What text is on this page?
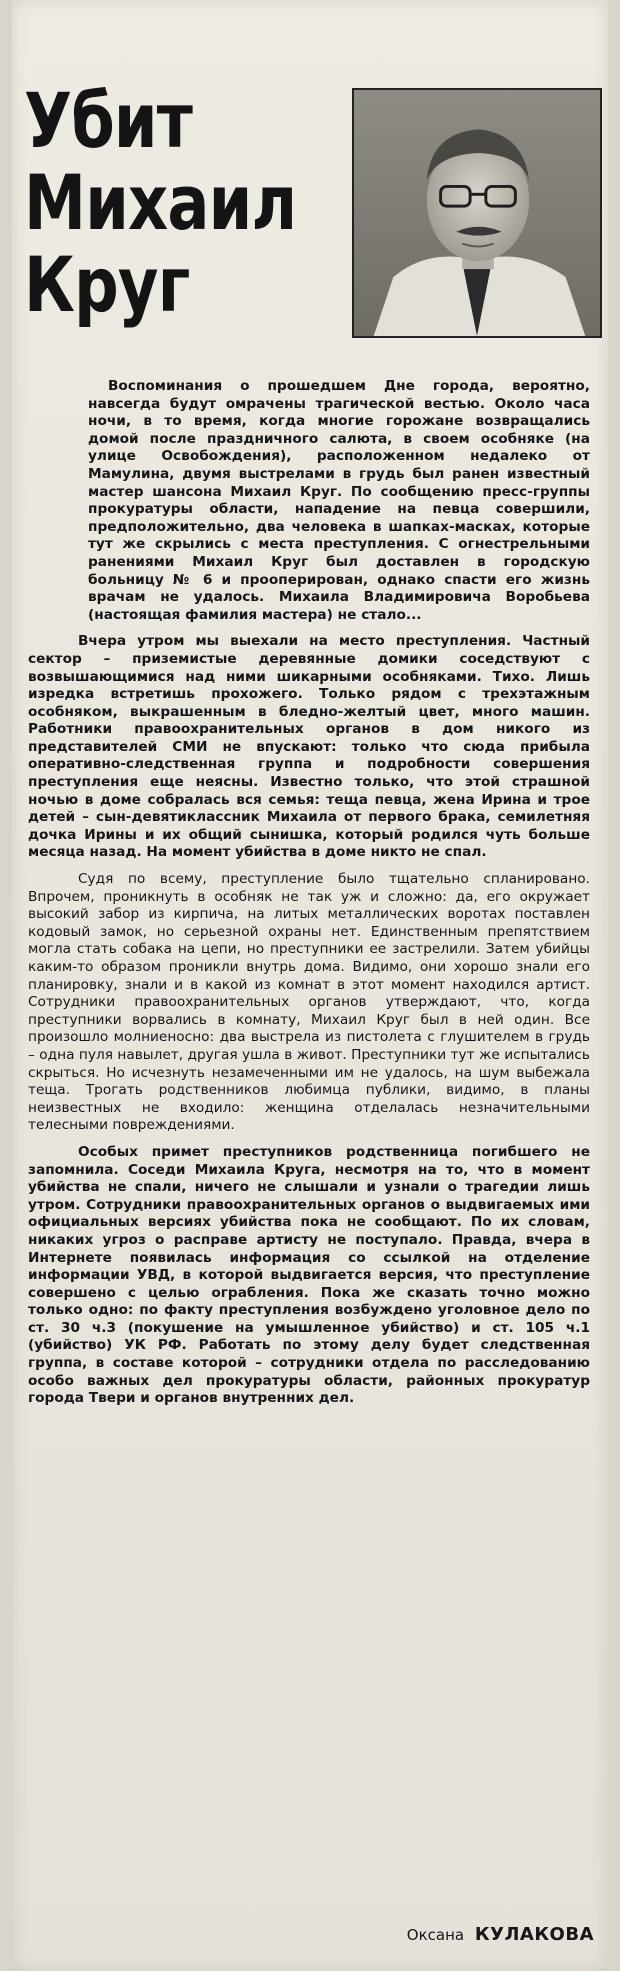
Убит
Михаил
Круг

Воспоминания о прошедшем Дне города, вероятно, навсегда будут омрачены трагической вестью. Около часа ночи, в то время, когда многие горожане возвращались домой после праздничного салюта, в своем особняке (на улице Освобождения), расположенном недалеко от Мамулина, двумя выстрелами в грудь был ранен известный мастер шансона Михаил Круг. По сообщению пресс-группы прокуратуры области, нападение на певца совершили, предположительно, два человека в шапках-масках, которые тут же скрылись с места преступления. С огнестрельными ранениями Михаил Круг был доставлен в городскую больницу № 6 и прооперирован, однако спасти его жизнь врачам не удалось. Михаила Владимировича Воробьева (настоящая фамилия мастера) не стало...

Вчера утром мы выехали на место преступления. Частный сектор – приземистые деревянные домики соседствуют с возвышающимися над ними шикарными особняками. Тихо. Лишь изредка встретишь прохожего. Только рядом с трехэтажным особняком, выкрашенным в бледно-желтый цвет, много машин. Работники правоохранительных органов в дом никого из представителей СМИ не впускают: только что сюда прибыла оперативно-следственная группа и подробности совершения преступления еще неясны. Известно только, что этой страшной ночью в доме собралась вся семья: теща певца, жена Ирина и трое детей – сын-девятиклассник Михаила от первого брака, семилетняя дочка Ирины и их общий сынишка, который родился чуть больше месяца назад. На момент убийства в доме никто не спал.

Судя по всему, преступление было тщательно спланировано. Впрочем, проникнуть в особняк не так уж и сложно: да, его окружает высокий забор из кирпича, на литых металлических воротах поставлен кодовый замок, но серьезной охраны нет. Единственным препятствием могла стать собака на цепи, но преступники ее застрелили. Затем убийцы каким-то образом проникли внутрь дома. Видимо, они хорошо знали его планировку, знали и в какой из комнат в этот момент находился артист. Сотрудники правоохранительных органов утверждают, что, когда преступники ворвались в комнату, Михаил Круг был в ней один. Все произошло молниеносно: два выстрела из пистолета с глушителем в грудь – одна пуля навылет, другая ушла в живот. Преступники тут же испытались скрыться. Но исчезнуть незамеченными им не удалось, на шум выбежала теща. Трогать родственников любимца публики, видимо, в планы неизвестных не входило: женщина отделалась незначительными телесными повреждениями.

Особых примет преступников родственница погибшего не запомнила. Соседи Михаила Круга, несмотря на то, что в момент убийства не спали, ничего не слышали и узнали о трагедии лишь утром. Сотрудники правоохранительных органов о выдвигаемых ими официальных версиях убийства пока не сообщают. По их словам, никаких угроз о расправе артисту не поступало. Правда, вчера в Интернете появилась информация со ссылкой на отделение информации УВД, в которой выдвигается версия, что преступление совершено с целью ограбления. Пока же сказать точно можно только одно: по факту преступления возбуждено уголовное дело по ст. 30 ч.3 (покушение на умышленное убийство) и ст. 105 ч.1 (убийство) УК РФ. Работать по этому делу будет следственная группа, в составе которой – сотрудники отдела по расследованию особо важных дел прокуратуры области, районных прокуратур города Твери и органов внутренних дел.

Оксана КУЛАКОВА
